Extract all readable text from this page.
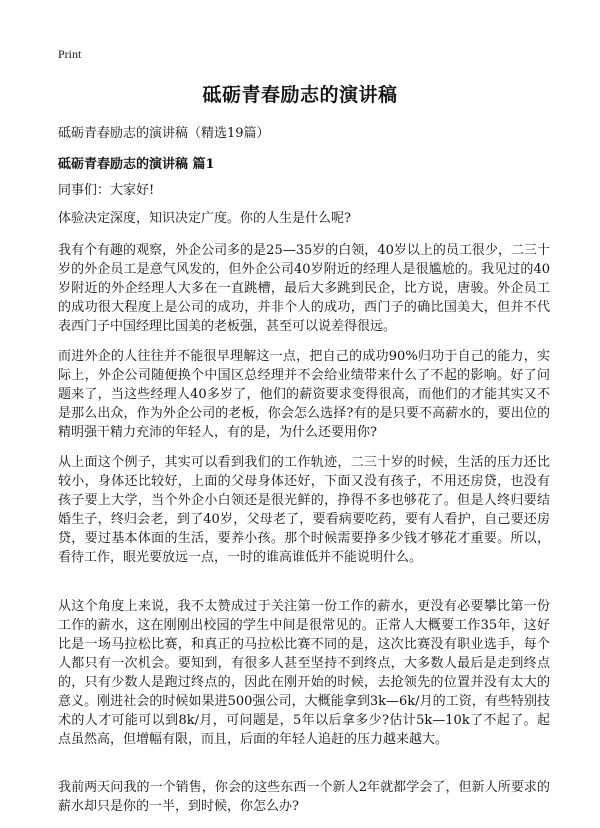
Print
砥砺青春励志的演讲稿
砥砺青春励志的演讲稿（精选19篇）
砥砺青春励志的演讲稿 篇1

同事们：大家好!

体验决定深度，知识决定广度。你的人生是什么呢?

我有个有趣的观察，外企公司多的是25—35岁的白领，40岁以上的员工很少，二三十岁的外企员工是意气风发的，但外企公司40岁附近的经理人是很尴尬的。我见过的40岁附近的外企经理人大多在一直跳槽，最后大多跳到民企，比方说，唐骏。外企员工的成功很大程度上是公司的成功，并非个人的成功，西门子的确比国美大，但并不代表西门子中国经理比国美的老板强，甚至可以说差得很远。

而进外企的人往往并不能很早理解这一点，把自己的成功90%归功于自己的能力，实际上，外企公司随便换个中国区总经理并不会给业绩带来什么了不起的影响。好了问题来了，当这些经理人40多岁了，他们的薪资要求变得很高，而他们的才能其实又不是那么出众，作为外企公司的老板，你会怎么选择?有的是只要不高薪水的，要出位的精明强干精力充沛的年轻人，有的是，为什么还要用你?

从上面这个例子，其实可以看到我们的工作轨迹，二三十岁的时候，生活的压力还比较小，身体还比较好，上面的父母身体还好，下面又没有孩子，不用还房贷，也没有孩子要上大学，当个外企小白领还是很光鲜的，挣得不多也够花了。但是人终归要结婚生子，终归会老，到了40岁，父母老了，要看病要吃药，要有人看护，自己要还房贷，要过基本体面的生活，要养小孩。那个时候需要挣多少钱才够花才重要。所以，看待工作，眼光要放远一点，一时的谁高谁低并不能说明什么。

从这个角度上来说，我不太赞成过于关注第一份工作的薪水，更没有必要攀比第一份工作的薪水，这在刚刚出校园的学生中间是很常见的。正常人大概要工作35年，这好比是一场马拉松比赛，和真正的马拉松比赛不同的是，这次比赛没有职业选手，每个人都只有一次机会。要知到，有很多人甚至坚持不到终点，大多数人最后是走到终点的，只有少数人是跑过终点的，因此在刚开始的时候，去抢领先的位置并没有太大的意义。刚进社会的时候如果进500强公司，大概能拿到3k—6k/月的工资，有些特别技术的人才可能可以到8k/月，可问题是，5年以后拿多少?估计5k—10k了不起了。起点虽然高，但增幅有限，而且，后面的年轻人追赶的压力越来越大。

我前两天问我的一个销售，你会的这些东西一个新人2年就都学会了，但新人所要求的薪水却只是你的一半，到时候，你怎么办?
